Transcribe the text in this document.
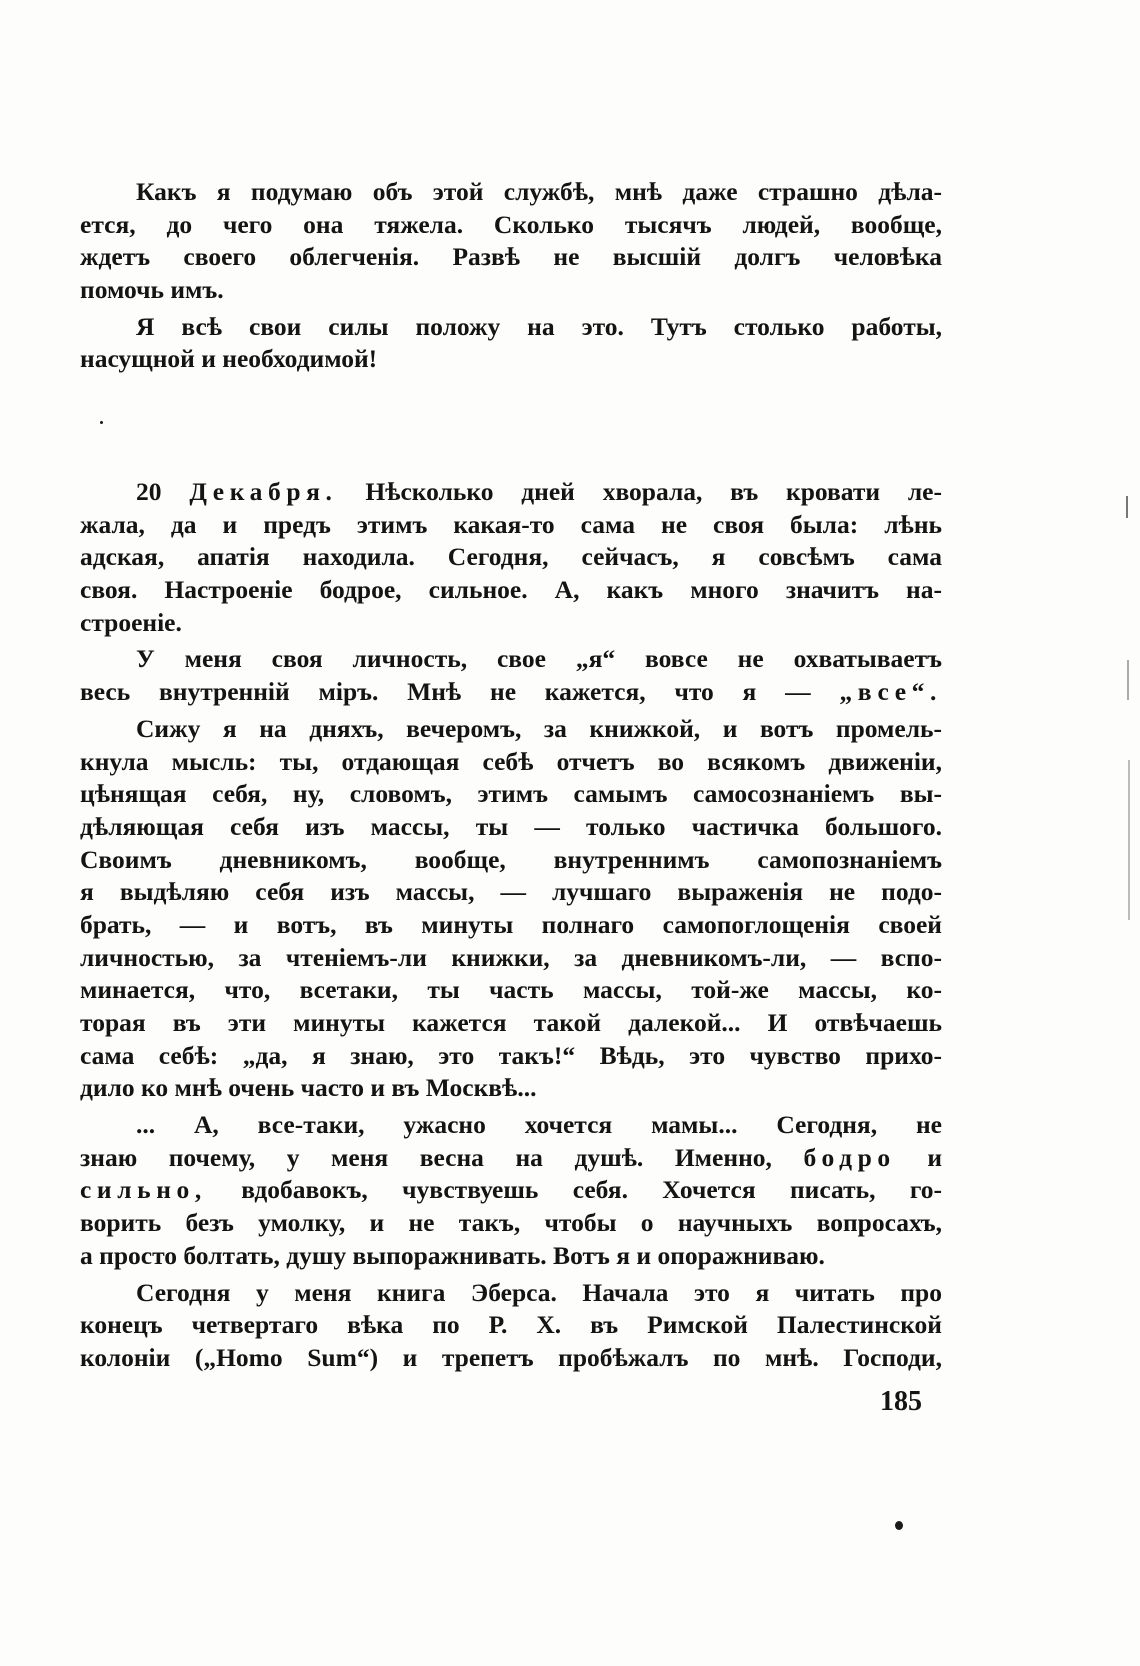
Какъ я подумаю объ этой службѣ, мнѣ даже страшно дѣла-
ется, до чего она тяжела. Сколько тысячъ людей, вообще,
ждетъ своего облегченія. Развѣ не высшій долгъ человѣка
помочь имъ.
Я всѣ свои силы положу на это. Тутъ столько работы,
насущной и необходимой!
20 Декабря. Нѣсколько дней хворала, въ кровати ле-
жала, да и предъ этимъ какая-то сама не своя была: лѣнь
адская, апатія находила. Сегодня, сейчасъ, я совсѣмъ сама
своя. Настроеніе бодрое, сильное. А, какъ много значитъ на-
строеніе.
У меня своя личность, свое „я“ вовсе не охватываетъ
весь внутренній міръ. Мнѣ не кажется, что я — „все“.
Сижу я на дняхъ, вечеромъ, за книжкой, и вотъ промель-
кнула мысль: ты, отдающая себѣ отчетъ во всякомъ движеніи,
цѣнящая себя, ну, словомъ, этимъ самымъ самосознаніемъ вы-
дѣляющая себя изъ массы, ты — только частичка большого.
Своимъ дневникомъ, вообще, внутреннимъ самопознаніемъ
я выдѣляю себя изъ массы, — лучшаго выраженія не подо-
брать, — и вотъ, въ минуты полнаго самопоглощенія своей
личностью, за чтеніемъ-ли книжки, за дневникомъ-ли, — вспо-
минается, что, всетаки, ты часть массы, той-же массы, ко-
торая въ эти минуты кажется такой далекой... И отвѣчаешь
сама себѣ: „да, я знаю, это такъ!“ Вѣдь, это чувство прихо-
дило ко мнѣ очень часто и въ Москвѣ...
... А, все-таки, ужасно хочется мамы... Сегодня, не
знаю почему, у меня весна на душѣ. Именно, бодро и
сильно, вдобавокъ, чувствуешь себя. Хочется писать, го-
ворить безъ умолку, и не такъ, чтобы о научныхъ вопросахъ,
а просто болтать, душу выпоражнивать. Вотъ я и опоражниваю.
Сегодня у меня книга Эберса. Начала это я читать про
конецъ четвертаго вѣка по Р. Х. въ Римской Палестинской
колоніи („Homo Sum“) и трепетъ пробѣжалъ по мнѣ. Господи,
185
